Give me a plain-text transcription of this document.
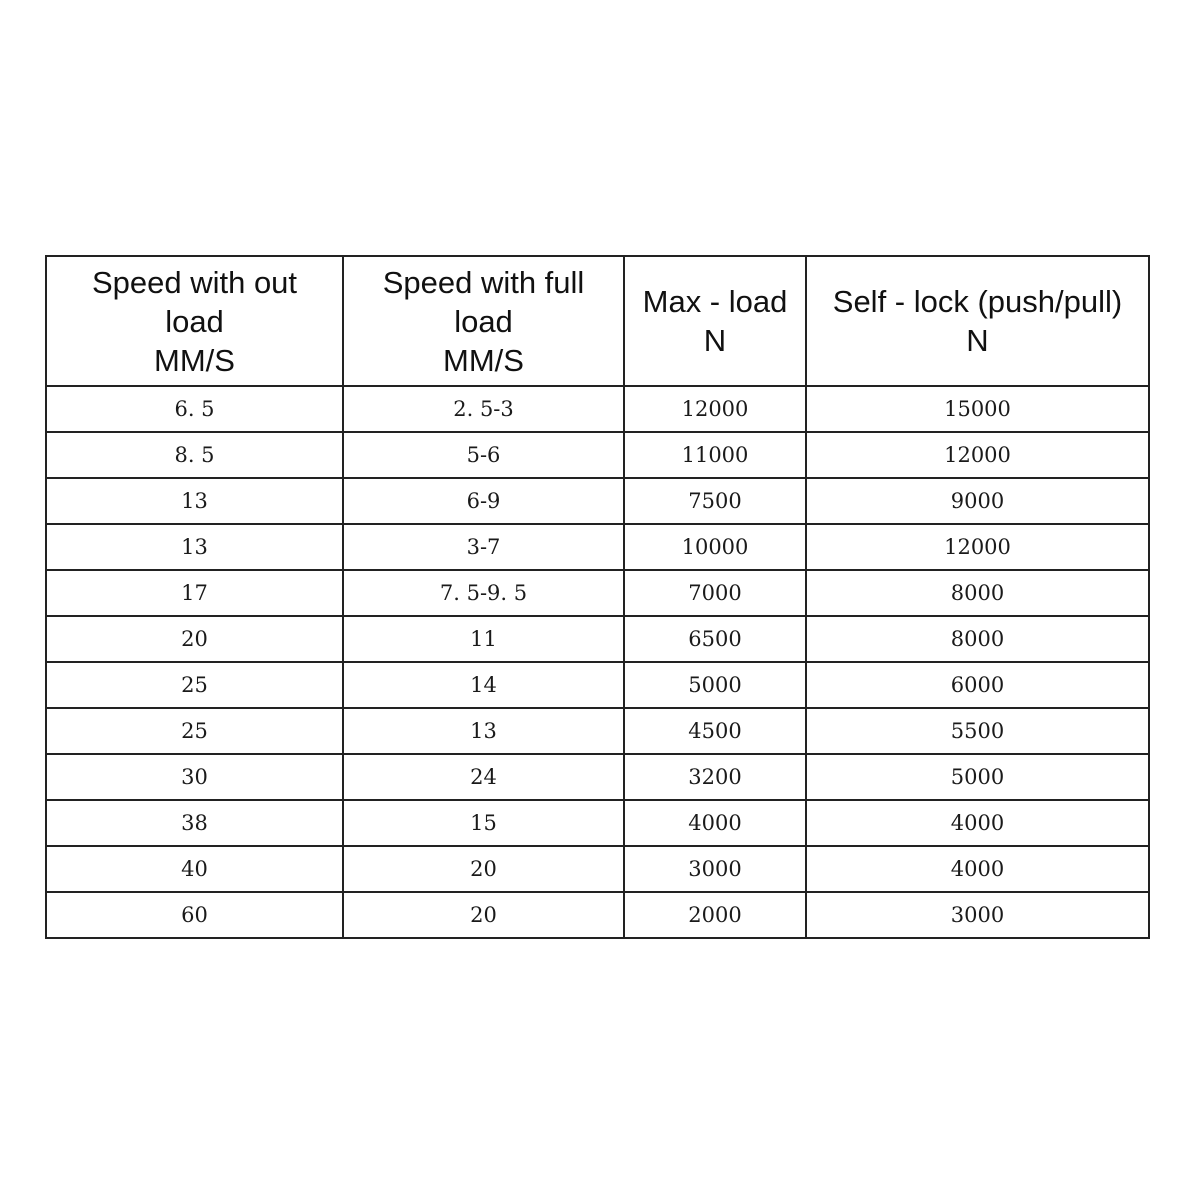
Speed with out
load
MM/S	Speed with full
load
MM/S	Max - load
N	Self - lock (push/pull)
N

6. 5	2. 5-3	12000	15000
8. 5	5-6	11000	12000
13	6-9	7500	9000
13	3-7	10000	12000
17	7. 5-9. 5	7000	8000
20	11	6500	8000
25	14	5000	6000
25	13	4500	5500
30	24	3200	5000
38	15	4000	4000
40	20	3000	4000
60	20	2000	3000
